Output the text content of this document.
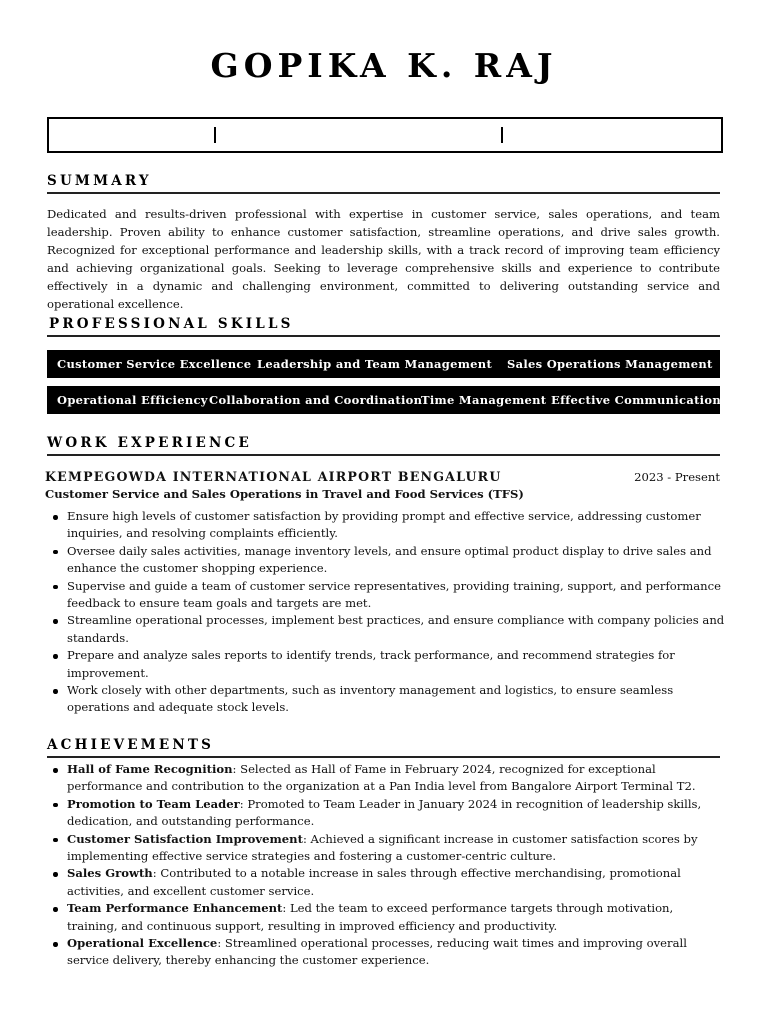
GOPIKA K. RAJ
SUMMARY
Dedicated and results-driven professional with expertise in customer service, sales operations, and team leadership. Proven ability to enhance customer satisfaction, streamline operations, and drive sales growth. Recognized for exceptional performance and leadership skills, with a track record of improving team efficiency and achieving organizational goals. Seeking to leverage comprehensive skills and experience to contribute effectively in a dynamic and challenging environment, committed to delivering outstanding service and operational excellence.
PROFESSIONAL SKILLS
Customer Service Excellence Leadership and Team Management Sales Operations Management
Operational Efficiency Collaboration and Coordination
Time Management Effective Communication
WORK EXPERIENCE
KEMPEGOWDA INTERNATIONAL AIRPORT BENGALURU	2023 - Present
Customer Service and Sales Operations in Travel and Food Services (TFS)
Ensure high levels of customer satisfaction by providing prompt and effective service, addressing customer inquiries, and resolving complaints efficiently.
Oversee daily sales activities, manage inventory levels, and ensure optimal product display to drive sales and enhance the customer shopping experience.
Supervise and guide a team of customer service representatives, providing training, support, and performance feedback to ensure team goals and targets are met.
Streamline operational processes, implement best practices, and ensure compliance with company policies and standards.
Prepare and analyze sales reports to identify trends, track performance, and recommend strategies for improvement.
Work closely with other departments, such as inventory management and logistics, to ensure seamless operations and adequate stock levels.
ACHIEVEMENTS
Hall of Fame Recognition: Selected as Hall of Fame in February 2024, recognized for exceptional performance and contribution to the organization at a Pan India level from Bangalore Airport Terminal T2.
Promotion to Team Leader: Promoted to Team Leader in January 2024 in recognition of leadership skills, dedication, and outstanding performance.
Customer Satisfaction Improvement: Achieved a significant increase in customer satisfaction scores by implementing effective service strategies and fostering a customer-centric culture.
Sales Growth: Contributed to a notable increase in sales through effective merchandising, promotional activities, and excellent customer service.
Team Performance Enhancement: Led the team to exceed performance targets through motivation, training, and continuous support, resulting in improved efficiency and productivity.
Operational Excellence: Streamlined operational processes, reducing wait times and improving overall service delivery, thereby enhancing the customer experience.
